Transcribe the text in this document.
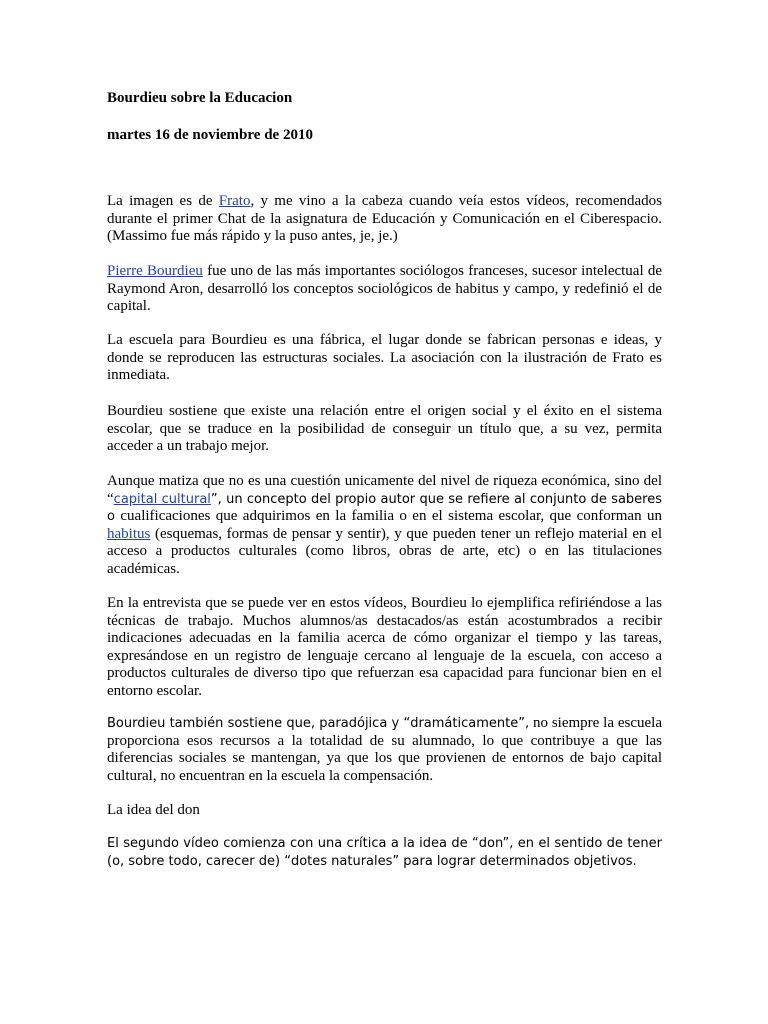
Bourdieu sobre la Educacion
martes 16 de noviembre de 2010

La imagen es de Frato, y me vino a la cabeza cuando veía estos vídeos, recomendados durante el primer Chat de la asignatura de Educación y Comunicación en el Ciberespacio. (Massimo fue más rápido y la puso antes, je, je.)

Pierre Bourdieu fue uno de las más importantes sociólogos franceses, sucesor intelectual de Raymond Aron, desarrolló los conceptos sociológicos de habitus y campo, y redefinió el de capital.

La escuela para Bourdieu es una fábrica, el lugar donde se fabrican personas e ideas, y donde se reproducen las estructuras sociales. La asociación con la ilustración de Frato es inmediata.

Bourdieu sostiene que existe una relación entre el origen social y el éxito en el sistema escolar, que se traduce en la posibilidad de conseguir un título que, a su vez, permita acceder a un trabajo mejor.

Aunque matiza que no es una cuestión unicamente del nivel de riqueza económica, sino del “capital cultural”, un concepto del propio autor que se refiere al conjunto de saberes o cualificaciones que adquirimos en la familia o en el sistema escolar, que conforman un habitus (esquemas, formas de pensar y sentir), y que pueden tener un reflejo material en el acceso a productos culturales (como libros, obras de arte, etc) o en las titulaciones académicas.

En la entrevista que se puede ver en estos vídeos, Bourdieu lo ejemplifica refiriéndose a las técnicas de trabajo. Muchos alumnos/as destacados/as están acostumbrados a recibir indicaciones adecuadas en la familia acerca de cómo organizar el tiempo y las tareas, expresándose en un registro de lenguaje cercano al lenguaje de la escuela, con acceso a productos culturales de diverso tipo que refuerzan esa capacidad para funcionar bien en el entorno escolar.

Bourdieu también sostiene que, paradójica y “dramáticamente”, no siempre la escuela proporciona esos recursos a la totalidad de su alumnado, lo que contribuye a que las diferencias sociales se mantengan, ya que los que provienen de entornos de bajo capital cultural, no encuentran en la escuela la compensación.

La idea del don

El segundo vídeo comienza con una crítica a la idea de “don”, en el sentido de tener (o, sobre todo, carecer de) “dotes naturales” para lograr determinados objetivos.
